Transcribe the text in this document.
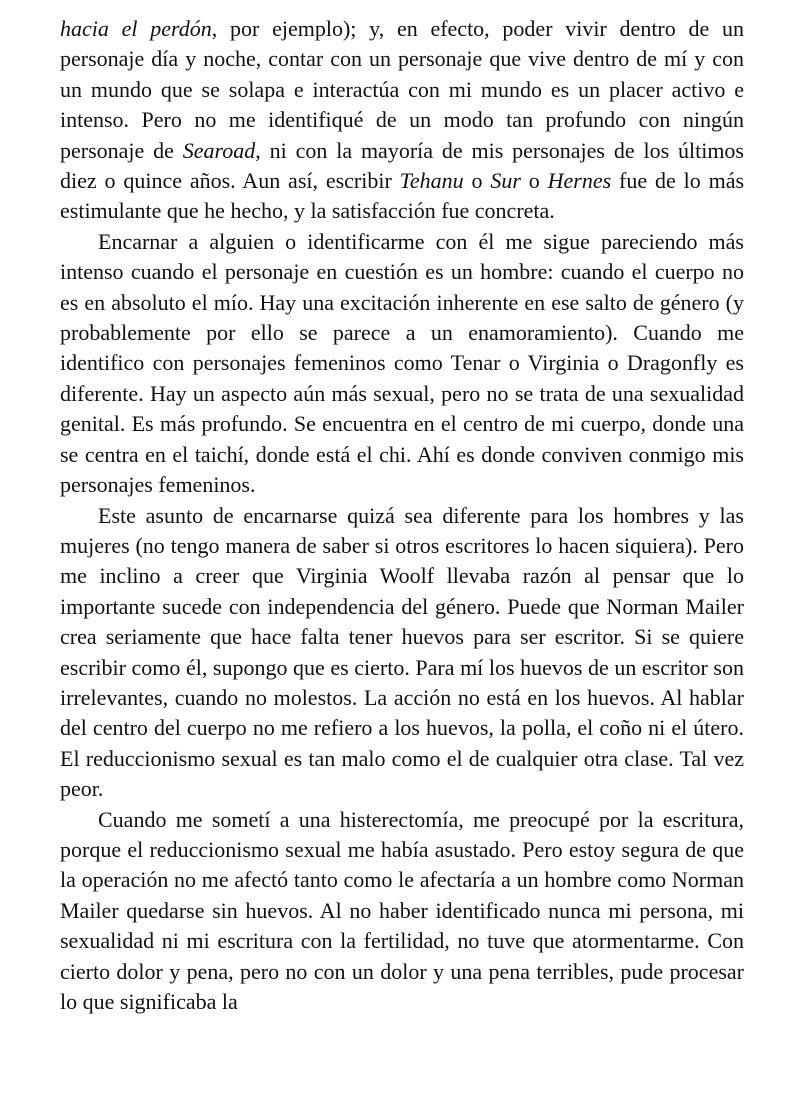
hacia el perdón, por ejemplo); y, en efecto, poder vivir dentro de un personaje día y noche, contar con un personaje que vive dentro de mí y con un mundo que se solapa e interactúa con mi mundo es un placer activo e intenso. Pero no me identifiqué de un modo tan profundo con ningún personaje de Searoad, ni con la mayoría de mis personajes de los últimos diez o quince años. Aun así, escribir Tehanu o Sur o Hernes fue de lo más estimulante que he hecho, y la satisfacción fue concreta.

Encarnar a alguien o identificarme con él me sigue pareciendo más intenso cuando el personaje en cuestión es un hombre: cuando el cuerpo no es en absoluto el mío. Hay una excitación inherente en ese salto de género (y probablemente por ello se parece a un enamoramiento). Cuando me identifico con personajes femeninos como Tenar o Virginia o Dragonfly es diferente. Hay un aspecto aún más sexual, pero no se trata de una sexualidad genital. Es más profundo. Se encuentra en el centro de mi cuerpo, donde una se centra en el taichí, donde está el chi. Ahí es donde conviven conmigo mis personajes femeninos.

Este asunto de encarnarse quizá sea diferente para los hombres y las mujeres (no tengo manera de saber si otros escritores lo hacen siquiera). Pero me inclino a creer que Virginia Woolf llevaba razón al pensar que lo importante sucede con independencia del género. Puede que Norman Mailer crea seriamente que hace falta tener huevos para ser escritor. Si se quiere escribir como él, supongo que es cierto. Para mí los huevos de un escritor son irrelevantes, cuando no molestos. La acción no está en los huevos. Al hablar del centro del cuerpo no me refiero a los huevos, la polla, el coño ni el útero. El reduccionismo sexual es tan malo como el de cualquier otra clase. Tal vez peor.

Cuando me sometí a una histerectomía, me preocupé por la escritura, porque el reduccionismo sexual me había asustado. Pero estoy segura de que la operación no me afectó tanto como le afectaría a un hombre como Norman Mailer quedarse sin huevos. Al no haber identificado nunca mi persona, mi sexualidad ni mi escritura con la fertilidad, no tuve que atormentarme. Con cierto dolor y pena, pero no con un dolor y una pena terribles, pude procesar lo que significaba la
